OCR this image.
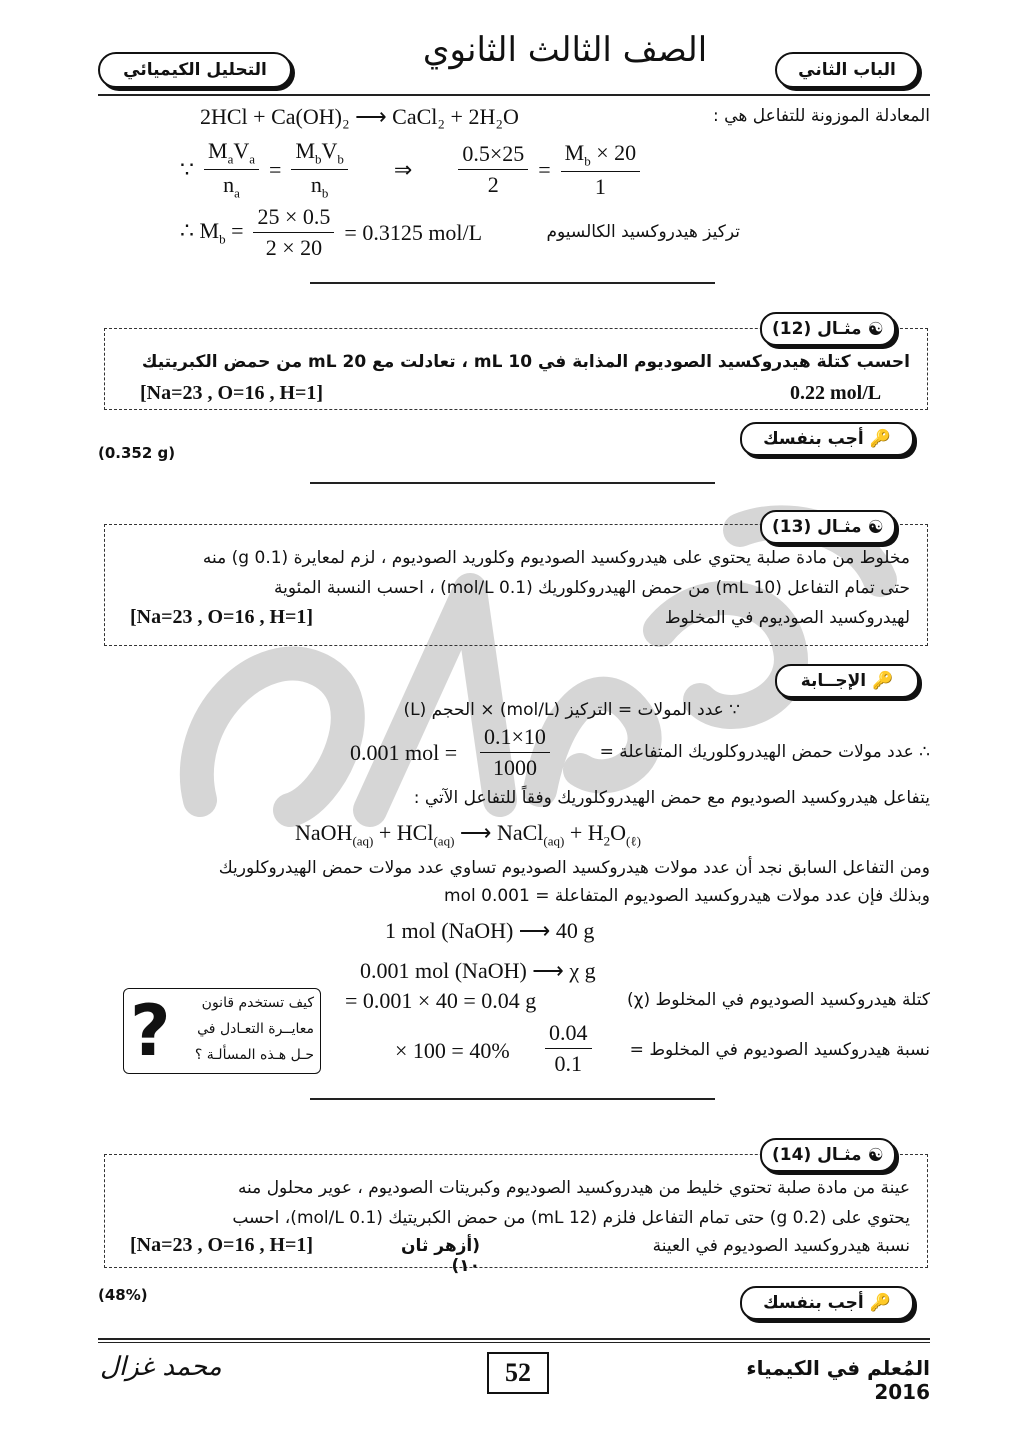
التحليل الكيميائي	الصف الثالث الثانوي	الباب الثاني
المعادلة الموزونة للتفاعل هي :
2HCl + Ca(OH)₂ ⟶ CaCl₂ + 2H₂O
∵ $\frac{M_aV_a}{n_a} = \frac{M_bV_b}{n_b}$ ⇒ $\frac{0.5\times 25}{2} = \frac{M_b \times 20}{1}$
∴ $M_b = \frac{25 \times 0.5}{2 \times 20} = 0.3125$ mol/L	تركيز هيدروكسيد الكالسيوم
☯
مثـال (12)
احسب كتلة هيدروكسيد الصوديوم المذابة في 10 mL ، تعادلت مع 20 mL من حمض الكبريتيك
0.22 mol/L
[Na=23 , O=16 , H=1]
🔑
أجب بنفسك
(0.352 g)
☯
مثـال (13)
مخلوط من مادة صلبة يحتوي على هيدروكسيد الصوديوم وكلوريد الصوديوم ، لزم لمعايرة (0.1 g) منه
حتى تمام التفاعل (10 mL) من حمض الهيدروكلوريك (0.1 mol/L) ، احسب النسبة المئوية
لهيدروكسيد الصوديوم في المخلوط
[Na=23 , O=16 , H=1]
🔑
الإجــابة
∵ عدد المولات = التركيز (mol/L) × الحجم (L)
∴ عدد مولات حمض الهيدروكلوريك المتفاعلة =
$\frac{0.1\times 10}{1000}$
0.001 mol =
يتفاعل هيدروكسيد الصوديوم مع حمض الهيدروكلوريك وفقاً للتفاعل الآتي :
NaOH$_{(aq)}$ + HCl$_{(aq)}$ ⟶ NaCl$_{(aq)}$ + $H_2O_{(\ell)}$
ومن التفاعل السابق نجد أن عدد مولات هيدروكسيد الصوديوم تساوي عدد مولات حمض الهيدروكلوريك
وبذلك فإن عدد مولات هيدروكسيد الصوديوم المتفاعلة = 0.001 mol
1 mol (NaOH) ⟶ 40 g
0.001 mol (NaOH) ⟶ χ g
كتلة هيدروكسيد الصوديوم في المخلوط (χ)
= 0.001 × 40 = 0.04 g
نسبة هيدروكسيد الصوديوم في المخلوط =
$\frac{0.04}{0.1}$
× 100 = 40%
?	كيف تستخدم قانون
معايــرة التعـادل في
حـل هـذه المسألـة ؟
☯
مثـال (14)
عينة من مادة صلبة تحتوي خليط من هيدروكسيد الصوديوم وكبريتات الصوديوم ، عوير محلول منه
يحتوي على (0.2 g) حتى تمام التفاعل فلزم (12 mL) من حمض الكبريتيك (0.1 mol/L)، احسب
نسبة هيدروكسيد الصوديوم في العينة
(أزهر ثان ١٠)
[Na=23 , O=16 , H=1]
(48%)	🔑
أجب بنفسك
52	المُعلم في الكيمياء 2016
محمد غزال
